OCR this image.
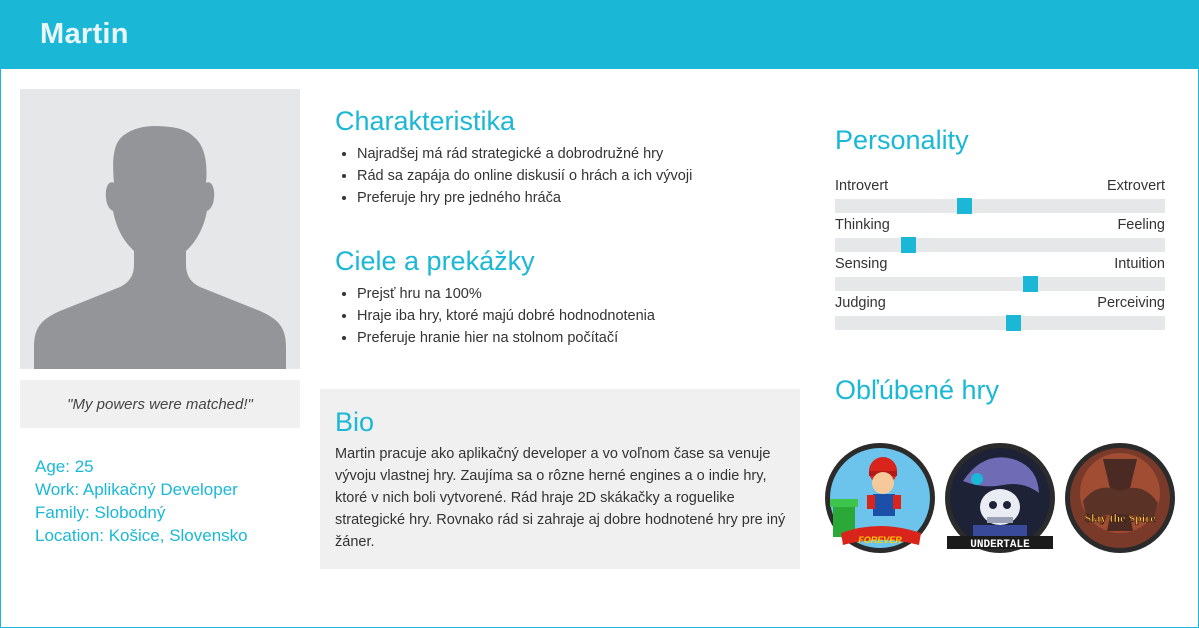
Martin
"My powers were matched!"
Age: 25
Work: Aplikačný Developer
Family: Slobodný
Location: Košice, Slovensko
Charakteristika
• Najradšej má rád strategické a dobrodružné hry
• Rád sa zapája do online diskusií o hrách a ich vývoji
• Preferuje hry pre jedného hráča
Ciele a prekážky
• Prejsť hru na 100%
• Hraje iba hry, ktoré majú dobré hodnodnotenia
• Preferuje hranie hier na stolnom počítačí
Bio
Martin pracuje ako aplikačný developer a vo voľnom čase sa venuje vývoju vlastnej hry. Zaujíma sa o rôzne herné engines a o indie hry, ktoré v nich boli vytvorené. Rád hraje 2D skákačky a roguelike strategické hry. Rovnako rád si zahraje aj dobre hodnotené hry pre iný žáner.
Personality
Introvert	Extrovert
Thinking	Feeling
Sensing	Intuition
Judging	Perceiving
Obľúbené hry
FOREVER	UNDERTALE
Slay the Spire
